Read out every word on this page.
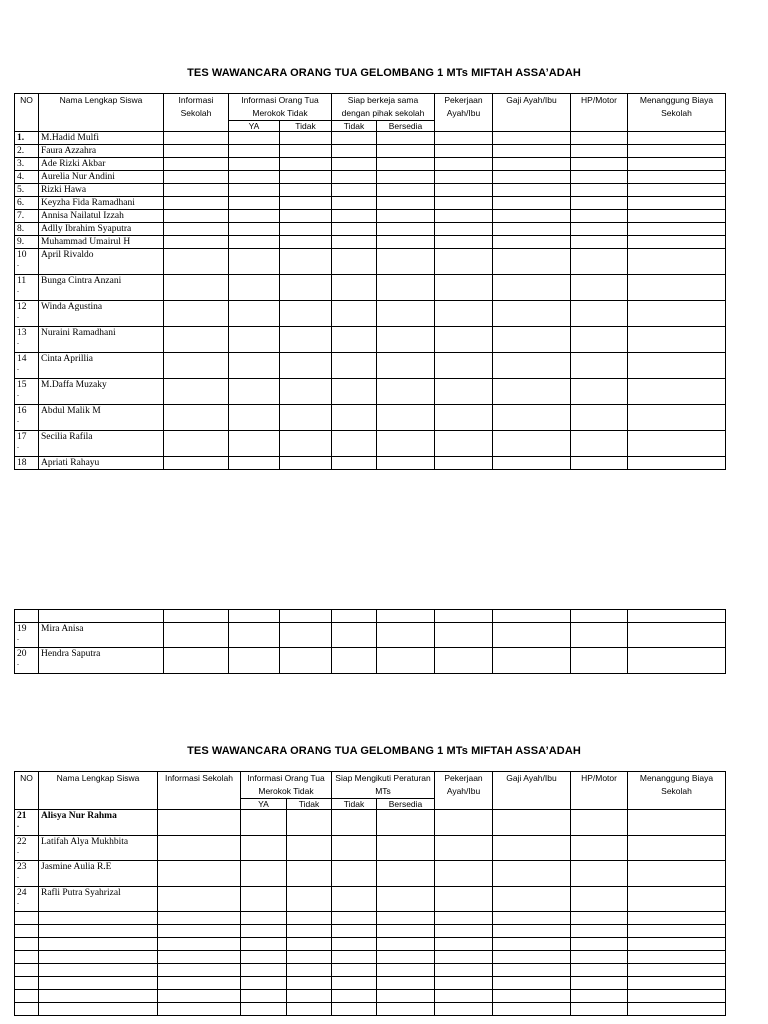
TES WAWANCARA ORANG TUA GELOMBANG 1 MTs MIFTAH ASSA’ADAH
NO	Nama Lengkap Siswa	Informasi Sekolah	Informasi Orang Tua Merokok Tidak		Siap berkeja sama dengan pihak sekolah		Pekerjaan Ayah/Ibu	Gaji Ayah/Ibu	HP/Motor	Menanggung Biaya Sekolah
			YA	Tidak	Tidak	Bersedia				
1.	M.Hadid Mulfi									
2.	Faura Azzahra									
3.	Ade Rizki Akbar									
4.	Aurelia Nur Andini									
5.	Rizki Hawa									
6.	Keyzha Fida Ramadhani									
7.	Annisa Nailatul Izzah									
8.	Adlly Ibrahim Syaputra									
9.	Muhammad Umairul H									
10
.	April Rivaldo									
11
.	Bunga Cintra Anzani									
12
.	Winda Agustina									
13
.	Nuraini Ramadhani									
14
.	Cinta Aprillia									
15
.	M.Daffa Muzaky									
16
.	Abdul Malik M									
17
.	Secilia Rafila									
18	Apriati Rahayu									

19
.	Mira Anisa									
20
.	Hendra Saputra									
TES WAWANCARA ORANG TUA GELOMBANG 1 MTs MIFTAH ASSA’ADAH
NO	Nama Lengkap Siswa	Informasi Sekolah	Informasi Orang Tua Merokok Tidak		Siap Mengikuti Peraturan MTs		Pekerjaan Ayah/Ibu	Gaji Ayah/Ibu	HP/Motor	Menanggung Biaya Sekolah
			YA	Tidak	Tidak	Bersedia				
21
.	Alisya Nur Rahma									
22
.	Latifah Alya Mukhbita									
23
.	Jasmine Aulia R.E									
24
.	Rafli Putra Syahrizal									
